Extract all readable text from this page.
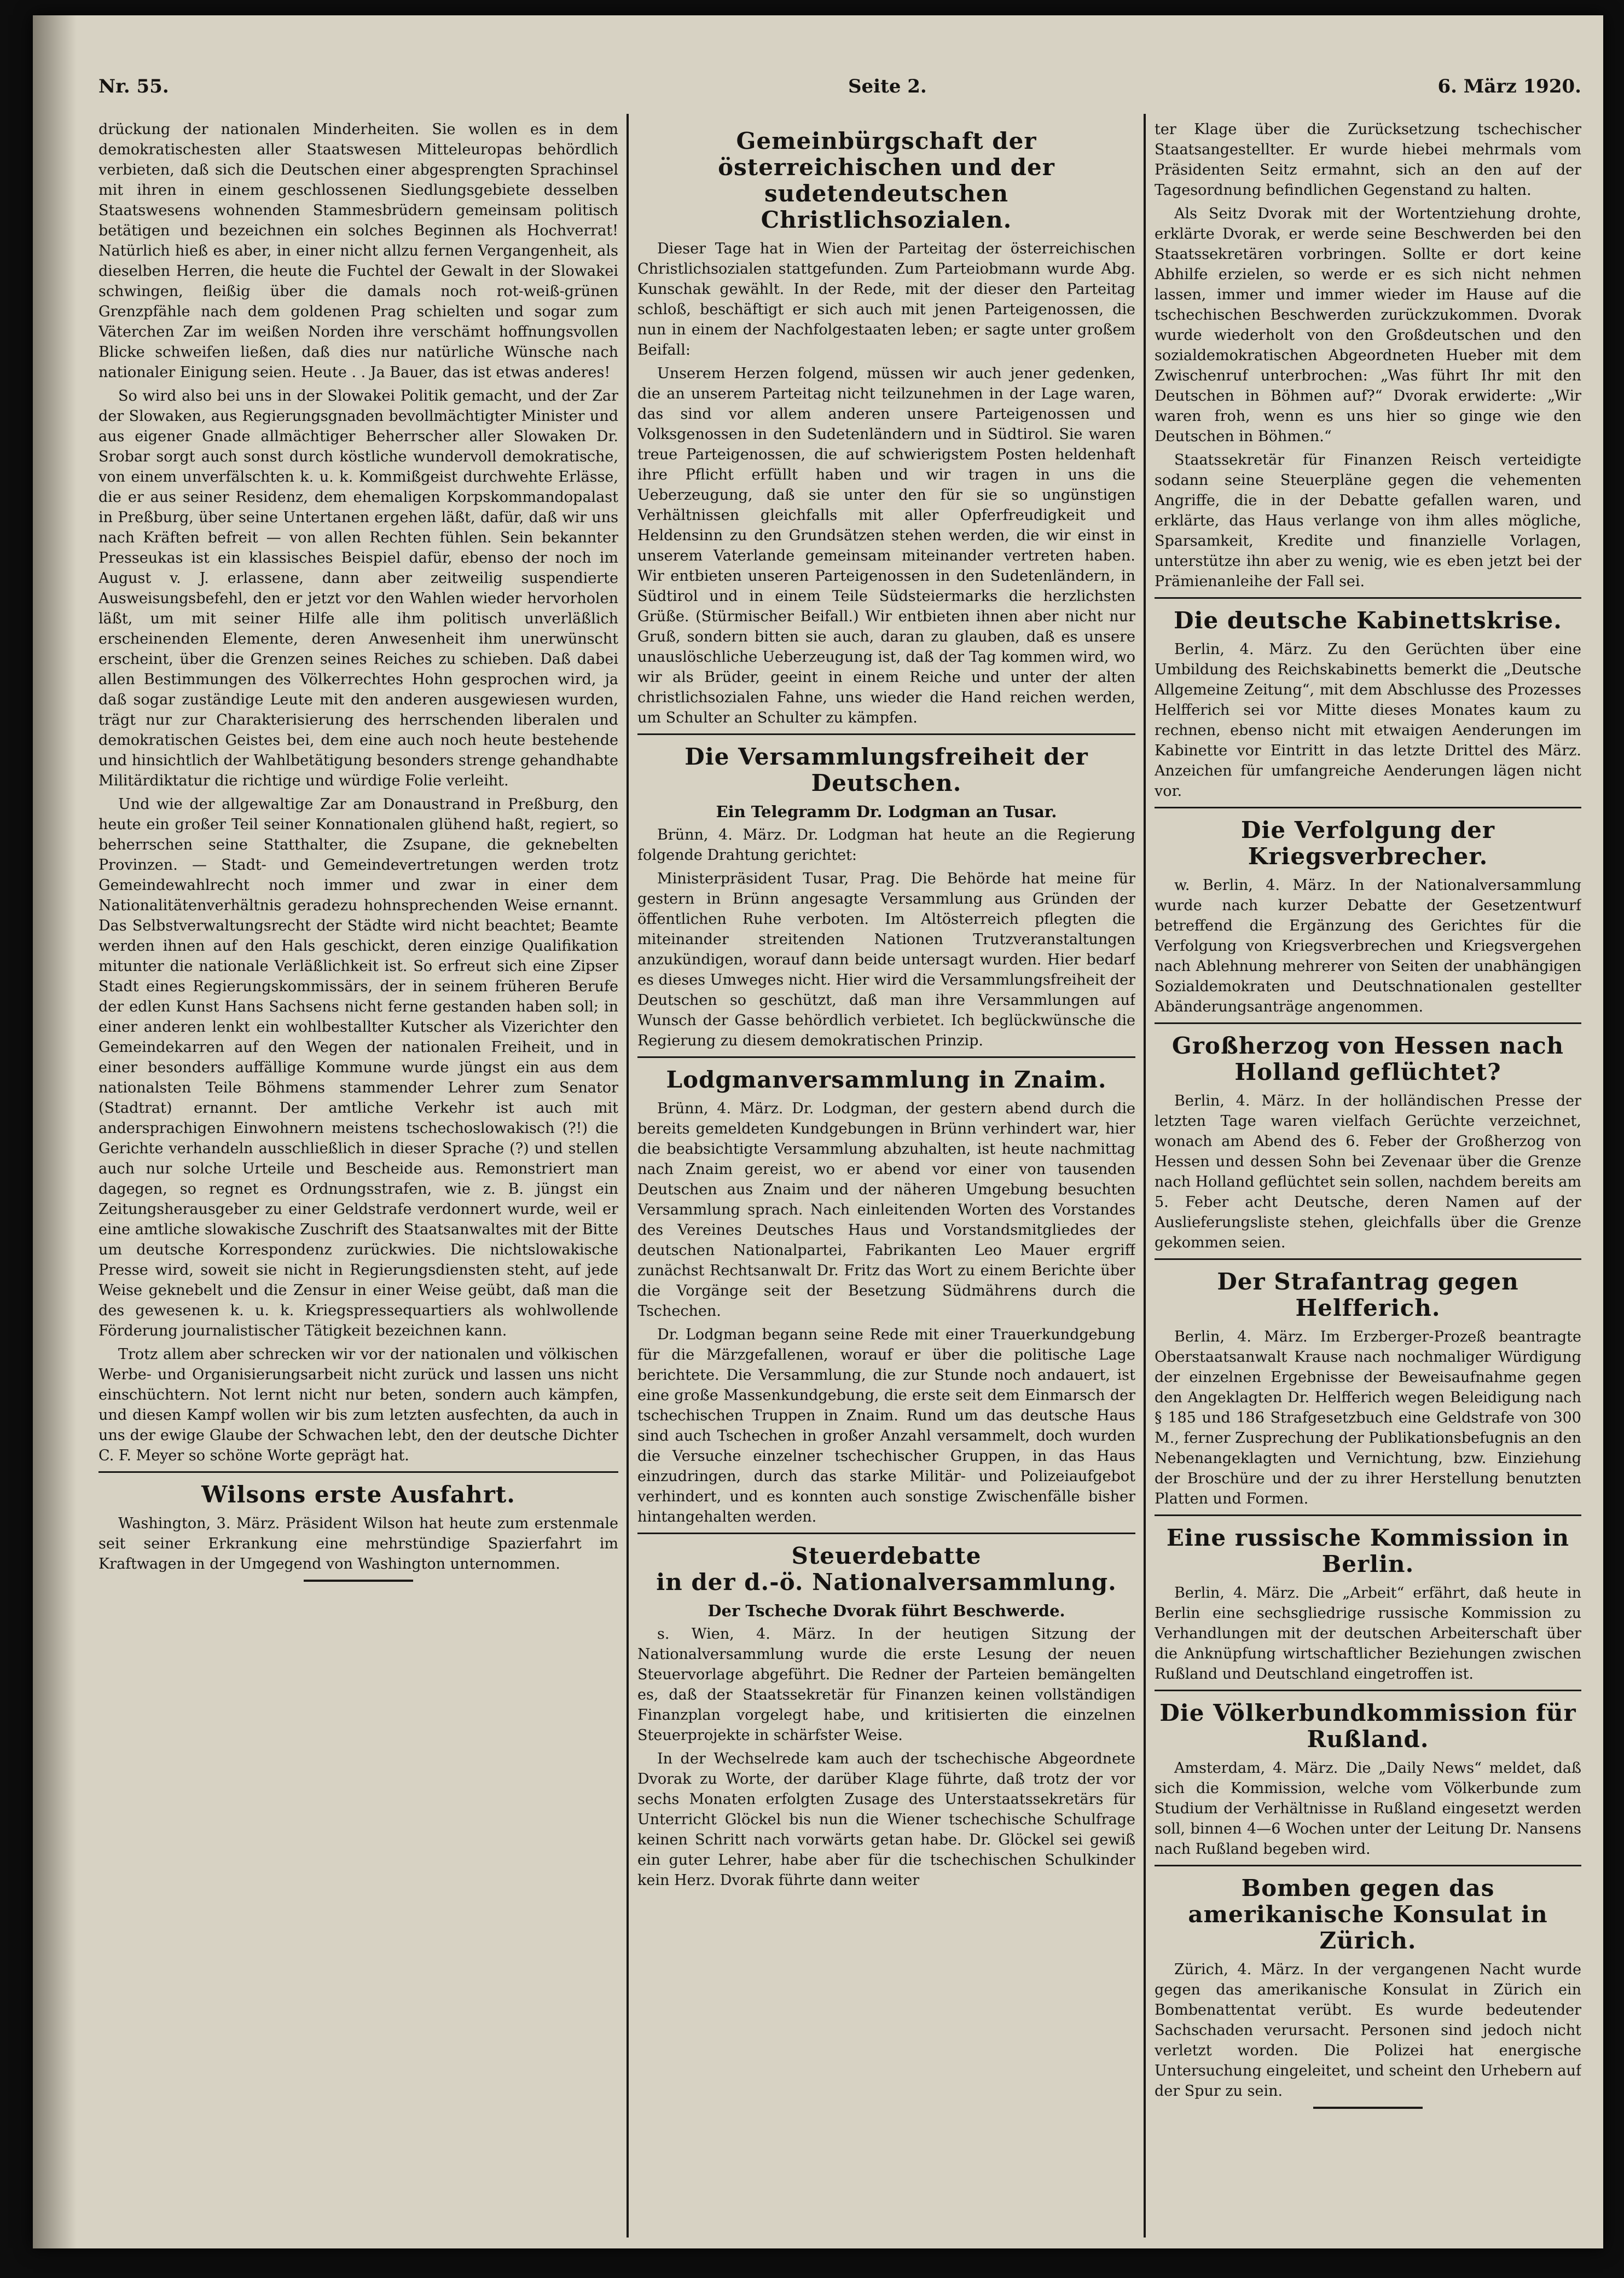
Nr. 55.	Seite 2.	6. März 1920.

drückung der nationalen Minderheiten. Sie wollen es in dem demokratischesten aller Staatswesen Mitteleuropas behördlich verbieten, daß sich die Deutschen einer abgesprengten Sprachinsel mit ihren in einem geschlossenen Siedlungsgebiete desselben Staatswesens wohnenden Stammesbrüdern gemeinsam politisch betätigen und bezeichnen ein solches Beginnen als Hochverrat! Natürlich hieß es aber, in einer nicht allzu fernen Vergangenheit, als dieselben Herren, die heute die Fuchtel der Gewalt in der Slowakei schwingen, fleißig über die damals noch rot-weiß-grünen Grenzpfähle nach dem goldenen Prag schielten und sogar zum Väterchen Zar im weißen Norden ihre verschämt hoffnungsvollen Blicke schweifen ließen, daß dies nur natürliche Wünsche nach nationaler Einigung seien. Heute . . Ja Bauer, das ist etwas anderes!

So wird also bei uns in der Slowakei Politik gemacht, und der Zar der Slowaken, aus Regierungsgnaden bevollmächtigter Minister und aus eigener Gnade allmächtiger Beherrscher aller Slowaken Dr. Srobar sorgt auch sonst durch köstliche wundervoll demokratische, von einem unverfälschten k. u. k. Kommißgeist durchwehte Erlässe, die er aus seiner Residenz, dem ehemaligen Korpskommandopalast in Preßburg, über seine Untertanen ergehen läßt, dafür, daß wir uns nach Kräften befreit — von allen Rechten fühlen. Sein bekannter Presseukas ist ein klassisches Beispiel dafür, ebenso der noch im August v. J. erlassene, dann aber zeitweilig suspendierte Ausweisungsbefehl, den er jetzt vor den Wahlen wieder hervorholen läßt, um mit seiner Hilfe alle ihm politisch unverläßlich erscheinenden Elemente, deren Anwesenheit ihm unerwünscht erscheint, über die Grenzen seines Reiches zu schieben. Daß dabei allen Bestimmungen des Völkerrechtes Hohn gesprochen wird, ja daß sogar zuständige Leute mit den anderen ausgewiesen wurden, trägt nur zur Charakterisierung des herrschenden liberalen und demokratischen Geistes bei, dem eine auch noch heute bestehende und hinsichtlich der Wahlbetätigung besonders strenge gehandhabte Militärdiktatur die richtige und würdige Folie verleiht.

Und wie der allgewaltige Zar am Donaustrand in Preßburg, den heute ein großer Teil seiner Konnationalen glühend haßt, regiert, so beherrschen seine Statthalter, die Zsupane, die geknebelten Provinzen. — Stadt- und Gemeindevertretungen werden trotz Gemeindewahlrecht noch immer und zwar in einer dem Nationalitätenverhältnis geradezu hohnsprechenden Weise ernannt. Das Selbstverwaltungsrecht der Städte wird nicht beachtet; Beamte werden ihnen auf den Hals geschickt, deren einzige Qualifikation mitunter die nationale Verläßlichkeit ist. So erfreut sich eine Zipser Stadt eines Regierungskommissärs, der in seinem früheren Berufe der edlen Kunst Hans Sachsens nicht ferne gestanden haben soll; in einer anderen lenkt ein wohlbestallter Kutscher als Vizerichter den Gemeindekarren auf den Wegen der nationalen Freiheit, und in einer besonders auffällige Kommune wurde jüngst ein aus dem nationalsten Teile Böhmens stammender Lehrer zum Senator (Stadtrat) ernannt. Der amtliche Verkehr ist auch mit andersprachigen Einwohnern meistens tschechoslowakisch (?!) die Gerichte verhandeln ausschließlich in dieser Sprache (?) und stellen auch nur solche Urteile und Bescheide aus. Remonstriert man dagegen, so regnet es Ordnungsstrafen, wie z. B. jüngst ein Zeitungsherausgeber zu einer Geldstrafe verdonnert wurde, weil er eine amtliche slowakische Zuschrift des Staatsanwaltes mit der Bitte um deutsche Korrespondenz zurückwies. Die nichtslowakische Presse wird, soweit sie nicht in Regierungsdiensten steht, auf jede Weise geknebelt und die Zensur in einer Weise geübt, daß man die des gewesenen k. u. k. Kriegspressequartiers als wohlwollende Förderung journalistischer Tätigkeit bezeichnen kann.

Trotz allem aber schrecken wir vor der nationalen und völkischen Werbe- und Organisierungsarbeit nicht zurück und lassen uns nicht einschüchtern. Not lernt nicht nur beten, sondern auch kämpfen, und diesen Kampf wollen wir bis zum letzten ausfechten, da auch in uns der ewige Glaube der Schwachen lebt, den der deutsche Dichter C. F. Meyer so schöne Worte geprägt hat.

Wilsons erste Ausfahrt.

Washington, 3. März. Präsident Wilson hat heute zum erstenmale seit seiner Erkrankung eine mehrstündige Spazierfahrt im Kraftwagen in der Umgegend von Washington unternommen.

Gemeinbürgschaft der österreichischen und der sudetendeutschen Christlichsozialen.

Dieser Tage hat in Wien der Parteitag der österreichischen Christlichsozialen stattgefunden. Zum Parteiobmann wurde Abg. Kunschak gewählt. In der Rede, mit der dieser den Parteitag schloß, beschäftigt er sich auch mit jenen Parteigenossen, die nun in einem der Nachfolgestaaten leben; er sagte unter großem Beifall:

Unserem Herzen folgend, müssen wir auch jener gedenken, die an unserem Parteitag nicht teilzunehmen in der Lage waren, das sind vor allem anderen unsere Parteigenossen und Volksgenossen in den Sudetenländern und in Südtirol. Sie waren treue Parteigenossen, die auf schwierigstem Posten heldenhaft ihre Pflicht erfüllt haben und wir tragen in uns die Ueberzeugung, daß sie unter den für sie so ungünstigen Verhältnissen gleichfalls mit aller Opferfreudigkeit und Heldensinn zu den Grundsätzen stehen werden, die wir einst in unserem Vaterlande gemeinsam miteinander vertreten haben. Wir entbieten unseren Parteigenossen in den Sudetenländern, in Südtirol und in einem Teile Südsteiermarks die herzlichsten Grüße. (Stürmischer Beifall.) Wir entbieten ihnen aber nicht nur Gruß, sondern bitten sie auch, daran zu glauben, daß es unsere unauslöschliche Ueberzeugung ist, daß der Tag kommen wird, wo wir als Brüder, geeint in einem Reiche und unter der alten christlichsozialen Fahne, uns wieder die Hand reichen werden, um Schulter an Schulter zu kämpfen.

Die Versammlungsfreiheit der Deutschen.
Ein Telegramm Dr. Lodgman an Tusar.

Brünn, 4. März. Dr. Lodgman hat heute an die Regierung folgende Drahtung gerichtet:

Ministerpräsident Tusar, Prag. Die Behörde hat meine für gestern in Brünn angesagte Versammlung aus Gründen der öffentlichen Ruhe verboten. Im Altösterreich pflegten die miteinander streitenden Nationen Trutzveranstaltungen anzukündigen, worauf dann beide untersagt wurden. Hier bedarf es dieses Umweges nicht. Hier wird die Versammlungsfreiheit der Deutschen so geschützt, daß man ihre Versammlungen auf Wunsch der Gasse behördlich verbietet. Ich beglückwünsche die Regierung zu diesem demokratischen Prinzip.

Lodgmanversammlung in Znaim.

Brünn, 4. März. Dr. Lodgman, der gestern abend durch die bereits gemeldeten Kundgebungen in Brünn verhindert war, hier die beabsichtigte Versammlung abzuhalten, ist heute nachmittag nach Znaim gereist, wo er abend vor einer von tausenden Deutschen aus Znaim und der näheren Umgebung besuchten Versammlung sprach. Nach einleitenden Worten des Vorstandes des Vereines Deutsches Haus und Vorstandsmitgliedes der deutschen Nationalpartei, Fabrikanten Leo Mauer ergriff zunächst Rechtsanwalt Dr. Fritz das Wort zu einem Berichte über die Vorgänge seit der Besetzung Südmährens durch die Tschechen.

Dr. Lodgman begann seine Rede mit einer Trauerkundgebung für die Märzgefallenen, worauf er über die politische Lage berichtete. Die Versammlung, die zur Stunde noch andauert, ist eine große Massenkundgebung, die erste seit dem Einmarsch der tschechischen Truppen in Znaim. Rund um das deutsche Haus sind auch Tschechen in großer Anzahl versammelt, doch wurden die Versuche einzelner tschechischer Gruppen, in das Haus einzudringen, durch das starke Militär- und Polizeiaufgebot verhindert, und es konnten auch sonstige Zwischenfälle bisher hintangehalten werden.

Steuerdebatte
in der d.-ö. Nationalversammlung.
Der Tscheche Dvorak führt Beschwerde.

s. Wien, 4. März. In der heutigen Sitzung der Nationalversammlung wurde die erste Lesung der neuen Steuervorlage abgeführt. Die Redner der Parteien bemängelten es, daß der Staatssekretär für Finanzen keinen vollständigen Finanzplan vorgelegt habe, und kritisierten die einzelnen Steuerprojekte in schärfster Weise.

In der Wechselrede kam auch der tschechische Abgeordnete Dvorak zu Worte, der darüber Klage führte, daß trotz der vor sechs Monaten erfolgten Zusage des Unterstaatssekretärs für Unterricht Glöckel bis nun die Wiener tschechische Schulfrage keinen Schritt nach vorwärts getan habe. Dr. Glöckel sei gewiß ein guter Lehrer, habe aber für die tschechischen Schulkinder kein Herz. Dvorak führte dann weiter

ter Klage über die Zurücksetzung tschechischer Staatsangestellter. Er wurde hiebei mehrmals vom Präsidenten Seitz ermahnt, sich an den auf der Tagesordnung befindlichen Gegenstand zu halten.

Als Seitz Dvorak mit der Wortentziehung drohte, erklärte Dvorak, er werde seine Beschwerden bei den Staatssekretären vorbringen. Sollte er dort keine Abhilfe erzielen, so werde er es sich nicht nehmen lassen, immer und immer wieder im Hause auf die tschechischen Beschwerden zurückzukommen. Dvorak wurde wiederholt von den Großdeutschen und den sozialdemokratischen Abgeordneten Hueber mit dem Zwischenruf unterbrochen: „Was führt Ihr mit den Deutschen in Böhmen auf?“ Dvorak erwiderte: „Wir waren froh, wenn es uns hier so ginge wie den Deutschen in Böhmen.“

Staatssekretär für Finanzen Reisch verteidigte sodann seine Steuerpläne gegen die vehementen Angriffe, die in der Debatte gefallen waren, und erklärte, das Haus verlange von ihm alles mögliche, Sparsamkeit, Kredite und finanzielle Vorlagen, unterstütze ihn aber zu wenig, wie es eben jetzt bei der Prämienanleihe der Fall sei.

Die deutsche Kabinettskrise.

Berlin, 4. März. Zu den Gerüchten über eine Umbildung des Reichskabinetts bemerkt die „Deutsche Allgemeine Zeitung“, mit dem Abschlusse des Prozesses Helfferich sei vor Mitte dieses Monates kaum zu rechnen, ebenso nicht mit etwaigen Aenderungen im Kabinette vor Eintritt in das letzte Drittel des März. Anzeichen für umfangreiche Aenderungen lägen nicht vor.

Die Verfolgung der Kriegsverbrecher.

w. Berlin, 4. März. In der Nationalversammlung wurde nach kurzer Debatte der Gesetzentwurf betreffend die Ergänzung des Gerichtes für die Verfolgung von Kriegsverbrechen und Kriegsvergehen nach Ablehnung mehrerer von Seiten der unabhängigen Sozialdemokraten und Deutschnationalen gestellter Abänderungsanträge angenommen.

Großherzog von Hessen nach Holland geflüchtet?

Berlin, 4. März. In der holländischen Presse der letzten Tage waren vielfach Gerüchte verzeichnet, wonach am Abend des 6. Feber der Großherzog von Hessen und dessen Sohn bei Zevenaar über die Grenze nach Holland geflüchtet sein sollen, nachdem bereits am 5. Feber acht Deutsche, deren Namen auf der Auslieferungsliste stehen, gleichfalls über die Grenze gekommen seien.

Der Strafantrag gegen Helfferich.

Berlin, 4. März. Im Erzberger-Prozeß beantragte Oberstaatsanwalt Krause nach nochmaliger Würdigung der einzelnen Ergebnisse der Beweisaufnahme gegen den Angeklagten Dr. Helfferich wegen Beleidigung nach § 185 und 186 Strafgesetzbuch eine Geldstrafe von 300 M., ferner Zusprechung der Publikationsbefugnis an den Nebenangeklagten und Vernichtung, bzw. Einziehung der Broschüre und der zu ihrer Herstellung benutzten Platten und Formen.

Eine russische Kommission in Berlin.

Berlin, 4. März. Die „Arbeit“ erfährt, daß heute in Berlin eine sechsgliedrige russische Kommission zu Verhandlungen mit der deutschen Arbeiterschaft über die Anknüpfung wirtschaftlicher Beziehungen zwischen Rußland und Deutschland eingetroffen ist.

Die Völkerbundkommission für Rußland.

Amsterdam, 4. März. Die „Daily News“ meldet, daß sich die Kommission, welche vom Völkerbunde zum Studium der Verhältnisse in Rußland eingesetzt werden soll, binnen 4—6 Wochen unter der Leitung Dr. Nansens nach Rußland begeben wird.

Bomben gegen das amerikanische Konsulat in Zürich.

Zürich, 4. März. In der vergangenen Nacht wurde gegen das amerikanische Konsulat in Zürich ein Bombenattentat verübt. Es wurde bedeutender Sachschaden verursacht. Personen sind jedoch nicht verletzt worden. Die Polizei hat energische Untersuchung eingeleitet, und scheint den Urhebern auf der Spur zu sein.
